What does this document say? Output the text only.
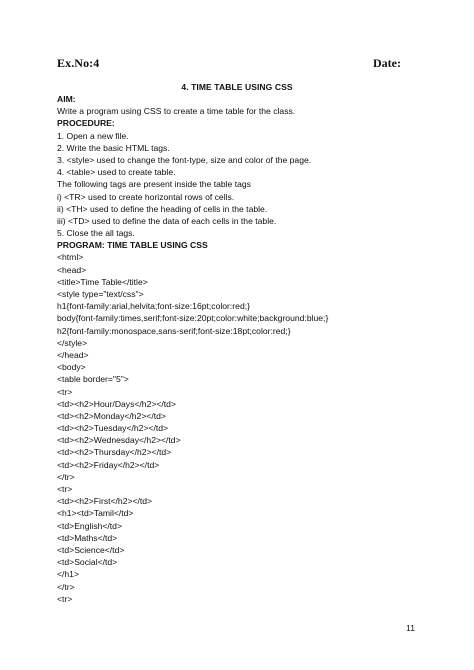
Ex.No:4	Date:
4. TIME TABLE USING CSS
AIM:
Write a program using CSS to create a time table for the class.
PROCEDURE:
1. Open a new file.
2. Write the basic HTML tags.
3. <style> used to change the font-type, size and color of the page.
4. <table> used to create table.
The following tags are present inside the table tags
i) <TR> used to create horizontal rows of cells.
ii) <TH> used to define the heading of cells in the table.
iii) <TD> used to define the data of each cells in the table.
5. Close the all tags.
PROGRAM: TIME TABLE USING CSS
<html>
<head>
<title>Time Table</title>
<style type="text/css">
h1{font-family:arial,helvita;font-size:16pt;color:red;}
body{font-family:times,serif;font-size:20pt;color:white;background:blue;}
h2{font-family:monospace,sans-serif;font-size:18pt;color:red;}
</style>
</head>
<body>
<table border="5">
<tr>
<td><h2>Hour/Days</h2></td>
<td><h2>Monday</h2></td>
<td><h2>Tuesday</h2></td>
<td><h2>Wednesday</h2></td>
<td><h2>Thursday</h2></td>
<td><h2>Friday</h2></td>
</tr>
<tr>
<td><h2>First</h2></td>
<h1><td>Tamil</td>
<td>English</td>
<td>Maths</td>
<td>Science</td>
<td>Social</td>
</h1>
</tr>
<tr>
11
